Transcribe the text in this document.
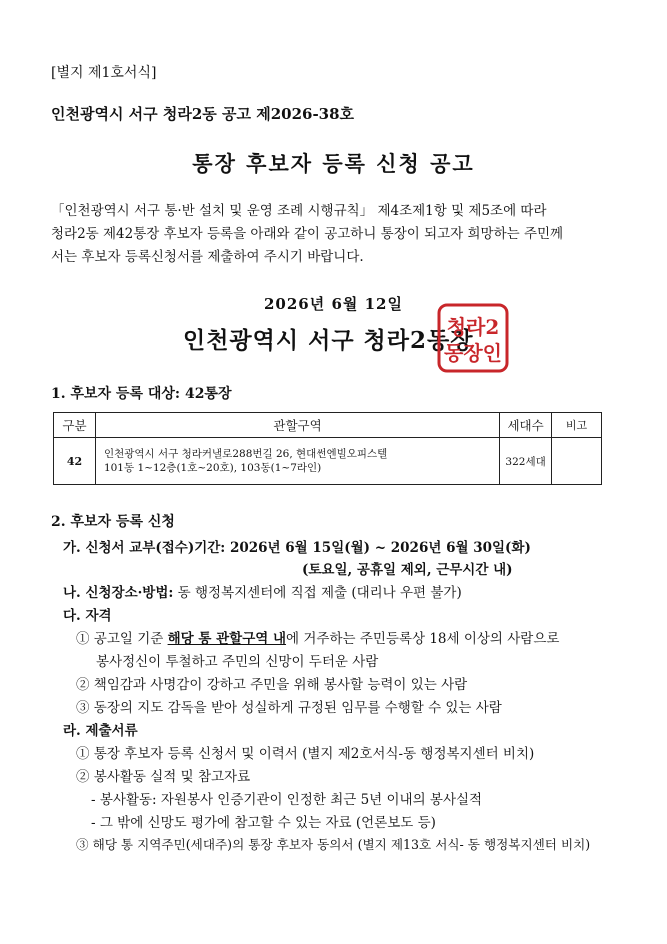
[별지 제1호서식]
인천광역시 서구 청라2동 공고 제2026-38호
통장 후보자 등록 신청 공고

「인천광역시 서구 통·반 설치 및 운영 조례 시행규칙」 제4조제1항 및 제5조에 따라

청라2동 제42통장 후보자 등록을 아래와 같이 공고하니 통장이 되고자 희망하는 주민께

서는 후보자 등록신청서를 제출하여 주시기 바랍니다.

2026년 6월 12일
인천광역시 서구 청라2동장
청라2
동장인
1. 후보자 등록 대상: 42통장
구분	관할구역	세대수	비고
42	인천광역시 서구 청라커낼로288번길 26, 현대썬엔빌오피스텔
101동 1~12층(1호~20호), 103동(1~7라인)	322세대	
2. 후보자 등록 신청
가. 신청서 교부(접수)기간: 2026년 6월 15일(월) ~ 2026년 6월 30일(화)
(토요일, 공휴일 제외, 근무시간 내)
나. 신청장소·방법: 동 행정복지센터에 직접 제출 (대리나 우편 불가)
다. 자격
① 공고일 기준 해당 통 관할구역 내에 거주하는 주민등록상 18세 이상의 사람으로
봉사정신이 투철하고 주민의 신망이 두터운 사람
② 책임감과 사명감이 강하고 주민을 위해 봉사할 능력이 있는 사람
③ 동장의 지도 감독을 받아 성실하게 규정된 임무를 수행할 수 있는 사람
라. 제출서류
① 통장 후보자 등록 신청서 및 이력서 (별지 제2호서식-동 행정복지센터 비치)
② 봉사활동 실적 및 참고자료
- 봉사활동: 자원봉사 인증기관이 인정한 최근 5년 이내의 봉사실적
- 그 밖에 신망도 평가에 참고할 수 있는 자료 (언론보도 등)
③ 해당 통 지역주민(세대주)의 통장 후보자 동의서 (별지 제13호 서식- 동 행정복지센터 비치)
